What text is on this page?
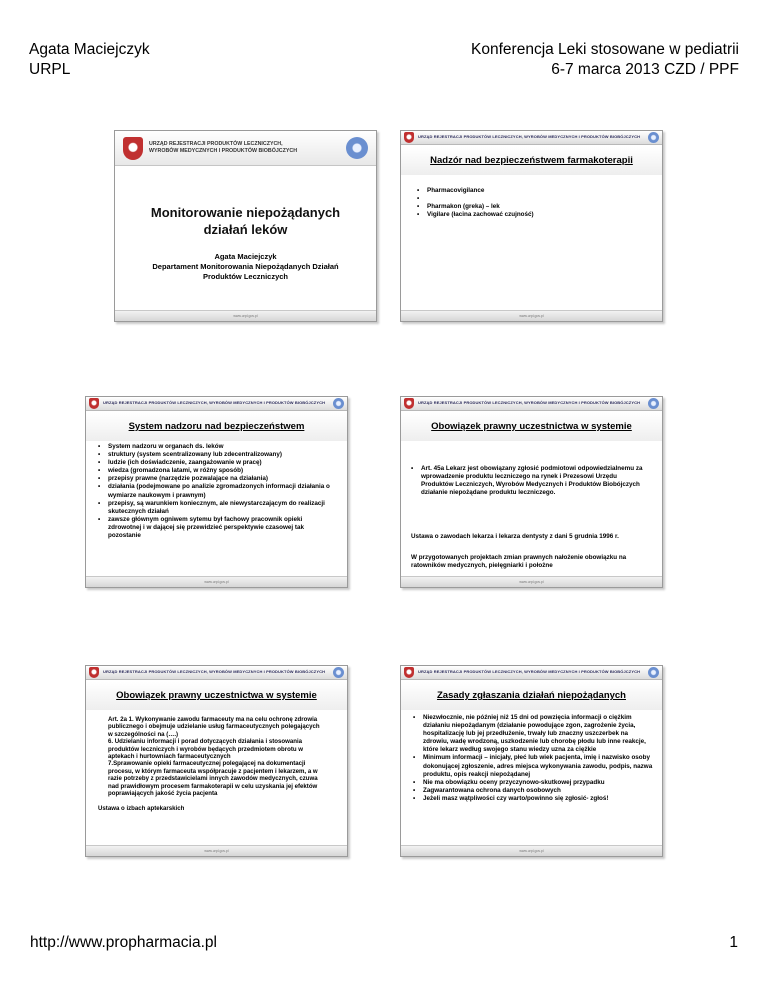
Agata Maciejczyk
URPL
Konferencja Leki stosowane w pediatrii
6-7 marca 2013 CZD / PPF
URZĄD REJESTRACJI PRODUKTÓW LECZNICZYCH,
WYROBÓW MEDYCZNYCH I PRODUKTÓW BIOBÓJCZYCH
Monitorowanie niepożądanych
działań leków
Agata Maciejczyk
Departament Monitorowania Niepożądanych Działań
Produktów Leczniczych
www.urpl.gov.pl
URZĄD REJESTRACJI PRODUKTÓW LECZNICZYCH, WYROBÓW MEDYCZNYCH I PRODUKTÓW BIOBÓJCZYCH
Nadzór nad bezpieczeństwem farmakoterapii
• Pharmacovigilance
•
• Pharmakon (greka) – lek
• Vigilare (łacina zachować czujność)
www.urpl.gov.pl
URZĄD REJESTRACJI PRODUKTÓW LECZNICZYCH, WYROBÓW MEDYCZNYCH I PRODUKTÓW BIOBÓJCZYCH
System nadzoru nad bezpieczeństwem
• System nadzoru w organach ds. leków
• struktury (system scentralizowany lub zdecentralizowany)
• ludzie (ich doświadczenie, zaangażowanie w pracę)
• wiedza (gromadzona latami, w różny sposób)
• przepisy prawne (narzędzie pozwalające na działania)
• działania (podejmowane po analizie zgromadzonych informacji działania o wymiarze naukowym i prawnym)
• przepisy, są warunkiem koniecznym, ale niewystarczającym do realizacji skutecznych działań
• zawsze głównym ogniwem sytemu był fachowy pracownik opieki zdrowotnej i w dającej się przewidzieć perspektywie czasowej tak pozostanie
www.urpl.gov.pl
URZĄD REJESTRACJI PRODUKTÓW LECZNICZYCH, WYROBÓW MEDYCZNYCH I PRODUKTÓW BIOBÓJCZYCH
Obowiązek prawny uczestnictwa w systemie
• Art. 45a Lekarz jest obowiązany zgłosić podmiotowi odpowiedzialnemu za wprowadzenie produktu leczniczego na rynek i Prezesowi Urzędu Produktów Leczniczych, Wyrobów Medycznych i Produktów Biobójczych działanie niepożądane produktu leczniczego.
Ustawa o zawodach lekarza i lekarza dentysty z dani 5 grudnia 1996 r.
W przygotowanych projektach zmian prawnych nałożenie obowiązku na ratowników medycznych, pielęgniarki i położne
www.urpl.gov.pl
URZĄD REJESTRACJI PRODUKTÓW LECZNICZYCH, WYROBÓW MEDYCZNYCH I PRODUKTÓW BIOBÓJCZYCH
Obowiązek prawny uczestnictwa w systemie
Art. 2a 1. Wykonywanie zawodu farmaceuty ma na celu ochronę zdrowia publicznego i obejmuje udzielanie usług farmaceutycznych polegających w szczególności na (….)
6. Udzielaniu informacji i porad dotyczących działania i stosowania produktów leczniczych i wyrobów będących przedmiotem obrotu w aptekach i hurtowniach farmaceutycznych
7.Sprawowanie opieki farmaceutycznej polegającej na dokumentacji procesu, w którym farmaceuta współpracuje z pacjentem i lekarzem, a w razie potrzeby z przedstawicielami innych zawodów medycznych, czuwa nad prawidłowym procesem farmakoterapii w celu uzyskania jej efektów poprawiających jakość życia pacjenta
Ustawa o izbach aptekarskich
www.urpl.gov.pl
URZĄD REJESTRACJI PRODUKTÓW LECZNICZYCH, WYROBÓW MEDYCZNYCH I PRODUKTÓW BIOBÓJCZYCH
Zasady zgłaszania działań niepożądanych
• Niezwłocznie, nie później niż 15 dni od powzięcia informacji o ciężkim działaniu niepożądanym (działanie powodujące zgon, zagrożenie życia, hospitalizację lub jej przedłużenie, trwały lub znaczny uszczerbek na zdrowiu, wadę wrodzoną, uszkodzenie lub chorobę płodu lub inne reakcje, które lekarz według swojego stanu wiedzy uzna za ciężkie
• Minimum informacji – inicjały, płeć lub wiek pacjenta, imię i nazwisko osoby dokonującej zgłoszenie, adres miejsca wykonywania zawodu, podpis, nazwa produktu, opis reakcji niepożądanej
• Nie ma obowiązku oceny przyczynowo-skutkowej przypadku
• Zagwarantowana ochrona danych osobowych
• Jeżeli masz wątpliwości czy warto/powinno się zgłosić- zgłoś!
www.urpl.gov.pl
http://www.propharmacia.pl	1
